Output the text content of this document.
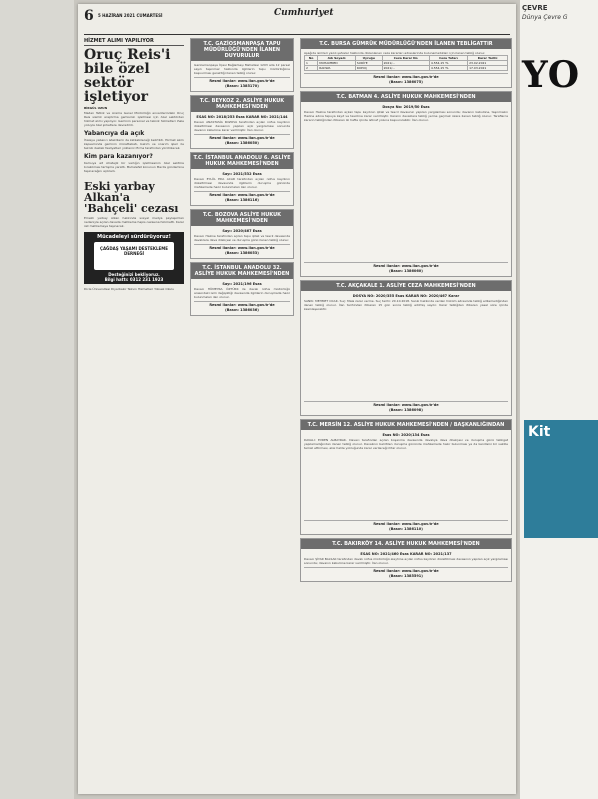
6 5 HAZİRAN 2021 CUMARTESİ	Cumhuriyet
HİZMET ALIMI YAPILIYOR
Oruç Reis'i bile özel sektör işletiyor
BİRGÜL UZUN
Maden Tetkik ve Arama Genel Müdürlüğü envanterindeki Oruç Reis sismik araştırma gemisinin işletmesi için özel sektörden hizmet alımı yapılıyor. Geminin personel ve teknik hizmetleri ihale yoluyla özel şirketlere devredildi.
Yabancıya da açık
İhaleye yabancı isteklilerin de katılabileceği belirtildi. Hizmet alımı kapsamında geminin mürettebatı, bakım ve onarım işleri ile teknik destek faaliyetleri yüklenici firma tarafından yürütülecek.
Kim para kazanıyor?
Kamuya ait stratejik bir varlığın işletmesinin özel sektöre bırakılması tartışma yarattı. Muhalefet konunun Meclis gündemine taşınacağını açıkladı.
Eski yarbay Alkan'a 'Bahçeli' cezası
Emekli yarbay Alkan hakkında sosyal medya paylaşımları nedeniyle açılan davada mahkeme hapis cezasına hükmetti. Karar üst mahkemeye taşınacak.
Mücadeleyi sürdürüyoruz!
ÇAĞDAŞ YAŞAMI DESTEKLEME DERNEĞİ
Desteğinizi bekliyoruz.
Bilgi hattı: 0312 231 1923
Dicle Üniversitesi Diyarbakır Tekvin Hizmetleri Yüksek Okulu
T.C. GAZİOSMANPAŞA TAPU MÜDÜRLÜĞÜ'NDEN İLANEN DUYURULUR
Gaziosmanpaşa İlçesi Bağlarbaşı Mahallesi 1203 ada 12 parsel sayılı taşınmaz hakkında ilgililerin tapu müdürlüğüne başvurması gerektiği ilanen tebliğ olunur.
Resmi ilanlar: www.ilan.gov.tr'de
(Basın: 1385170)
T.C. BEYKOZ 2. ASLİYE HUKUK MAHKEMESİ'NDEN
ESAS NO: 2018/253 Esas KARAR NO: 2021/144
Davacı ANASTASİA KOZOVA tarafından açılan nüfus kaydının düzeltilmesi davasının yapılan açık yargılaması sonunda davanın kabulüne karar verilmiştir. İlan olunur.
Resmi ilanlar: www.ilan.gov.tr'de
(Basın: 1386050)
T.C. İSTANBUL ANADOLU 6. ASLİYE HUKUK MAHKEMESİ'NDEN
Sayı: 2021/532 Esas
Davacı EYLÜL EDA ACAR tarafından açılan nüfus kaydının düzeltilmesi davasında ilgililerin duruşma gününde mahkemede hazır bulunmaları ilan olunur.
Resmi ilanlar: www.ilan.gov.tr'de
(Basın: 1386116)
T.C. BOZOVA ASLİYE HUKUK MAHKEMESİ'NDEN
Sayı: 2020/467 Esas
Davacı Hazine tarafından açılan tapu iptali ve tescil davasında davalılara dava dilekçesi ve duruşma günü ilanen tebliğ olunur.
Resmi ilanlar: www.ilan.gov.tr'de
(Basın: 1386053)
T.C. İSTANBUL ANADOLU 32. ASLİYE HUKUK MAHKEMESİ'NDEN
Sayı: 2021/196 Esas
Davacı HÜMEYRA ÖZTÜRK ile davalı nüfus müdürlüğü arasındaki isim değişikliği davasında ilgililerin duruşmada hazır bulunmaları ilan olunur.
Resmi ilanlar: www.ilan.gov.tr'de
(Basın: 1386036)
T.C. BURSA GÜMRÜK MÜDÜRLÜĞÜ'NDEN İLANEN TEBLİGATTIR
Aşağıda isimleri yazılı şahıslar hakkında düzenlenen ceza kararları adreslerinde bulunamadıkları için ilanen tebliğ olunur.
No	Adı Soyadı	Uyruğu	Ceza Karar No	Ceza Tutarı	Karar Tarihi
1	MUHAMMED	SURİYE	2021/...	4.554,15 TL	23.02.2021
2	RADWA	KOPUÇ	2021/...	4.554,15 TL	17.03.2021
Resmi ilanlar: www.ilan.gov.tr'de
(Basın: 1386075)
T.C. BATMAN 4. ASLİYE HUKUK MAHKEMESİ'NDEN
Dosya No: 2019/50 Esas
Davacı Hazine tarafından açılan tapu kaydının iptali ve tescil davasının yapılan yargılaması sonunda; davanın kabulüne, taşınmazın Hazine adına tapuya kayıt ve tesciline karar verilmiştir. Kararın davalılara tebliğ yerine geçmek üzere ilanen tebliğ olunur. Taraflarca kararın tebliğinden itibaren iki hafta içinde istinaf yoluna başvurulabilir. İlan olunur.
Resmi ilanlar: www.ilan.gov.tr'de
(Basın: 1386060)
T.C. AKÇAKALE 1. ASLİYE CEZA MAHKEMESİ'NDEN
DOSYA NO: 2020/355 Esas KARAR NO: 2020/467 Karar
SANIK: MEHMET OCAK. Suç: Mala zarar verme. Suç tarihi: 20.10.2018. Sanık hakkında verilen hüküm adresinde tebliğ edilemediğinden ilanen tebliğ olunur. İlan tarihinden itibaren 15 gün sonra tebliğ edilmiş sayılır. Karar tebliğden itibaren yasal süre içinde kesinleşecektir.
Resmi ilanlar: www.ilan.gov.tr'de
(Basın: 1386098)
T.C. MERSİN 12. ASLİYE HUKUK MAHKEMESİ'NDEN / BAŞKANLIĞINDAN
Esas NO: 2020/134 Esas
DAVALI: EVREN ALBAYRAK. Davacı tarafından açılan boşanma davasında davalıya dava dilekçesi ve duruşma günü tebligat yapılamadığından ilanen tebliğ olunur. Davalının belirtilen duruşma gününde mahkemede hazır bulunması ya da kendisini bir vekille temsil ettirmesi, aksi halde yokluğunda karar verileceği ihtar olunur.
Resmi ilanlar: www.ilan.gov.tr'de
(Basın: 1386110)
T.C. BAKIRKÖY 14. ASLİYE HUKUK MAHKEMESİ'NDEN
ESAS NO: 2021/460 Esas KARAR NO: 2021/137
Davacı ŞİYAR BALSAK tarafından davalı nüfus müdürlüğü aleyhine açılan nüfus kaydının düzeltilmesi davasının yapılan açık yargılaması sonunda; davanın kabulüne karar verilmiştir. İlan olunur.
Resmi ilanlar: www.ilan.gov.tr'de
(Basın: 1385591)
ÇEVRE
Dünya Çevre G
YO
Kit
